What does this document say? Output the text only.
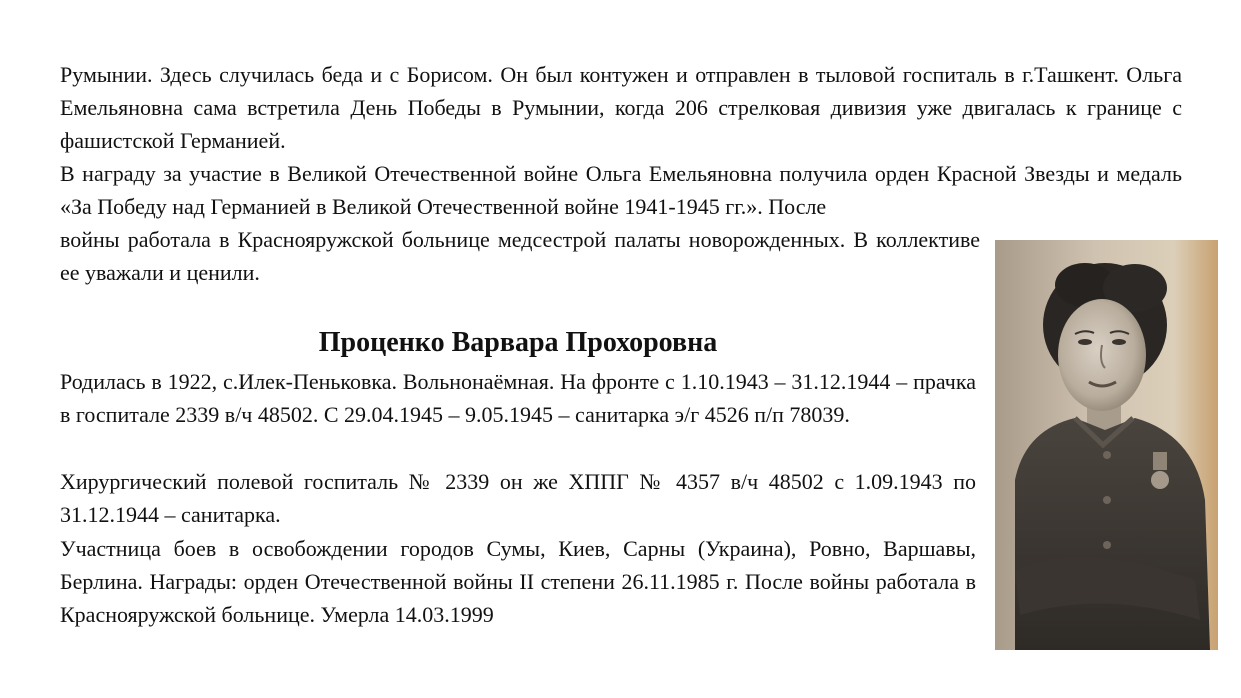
Румынии. Здесь случилась беда и с Борисом. Он был контужен и отправлен в тыловой госпиталь в г.Ташкент. Ольга Емельяновна сама встретила День Победы в Румынии, когда 206 стрелковая дивизия уже двигалась к границе с фашистской Германией.

В награду за участие в Великой Отечественной войне Ольга Емельяновна получила орден Красной Звезды и медаль «За Победу над Германией в Великой Отечественной войне 1941-1945 гг.». После

войны работала в Краснояружской больнице медсестрой палаты новорожденных. В коллективе ее уважали и ценили.

Проценко Варвара Прохоровна

Родилась в 1922, с.Илек-Пеньковка. Вольнонаёмная. На фронте с 1.10.1943 – 31.12.1944 – прачка в госпитале 2339 в/ч 48502. С 29.04.1945 – 9.05.1945 – санитарка э/г 4526 п/п 78039.

Хирургический полевой госпиталь № 2339 он же ХППГ № 4357 в/ч 48502 с 1.09.1943 по 31.12.1944 – санитарка.

Участница боев в освобождении городов Сумы, Киев, Сарны (Украина), Ровно, Варшавы, Берлина. Награды: орден Отечественной войны II степени 26.11.1985 г. После войны работала в Краснояружской больнице. Умерла 14.03.1999
